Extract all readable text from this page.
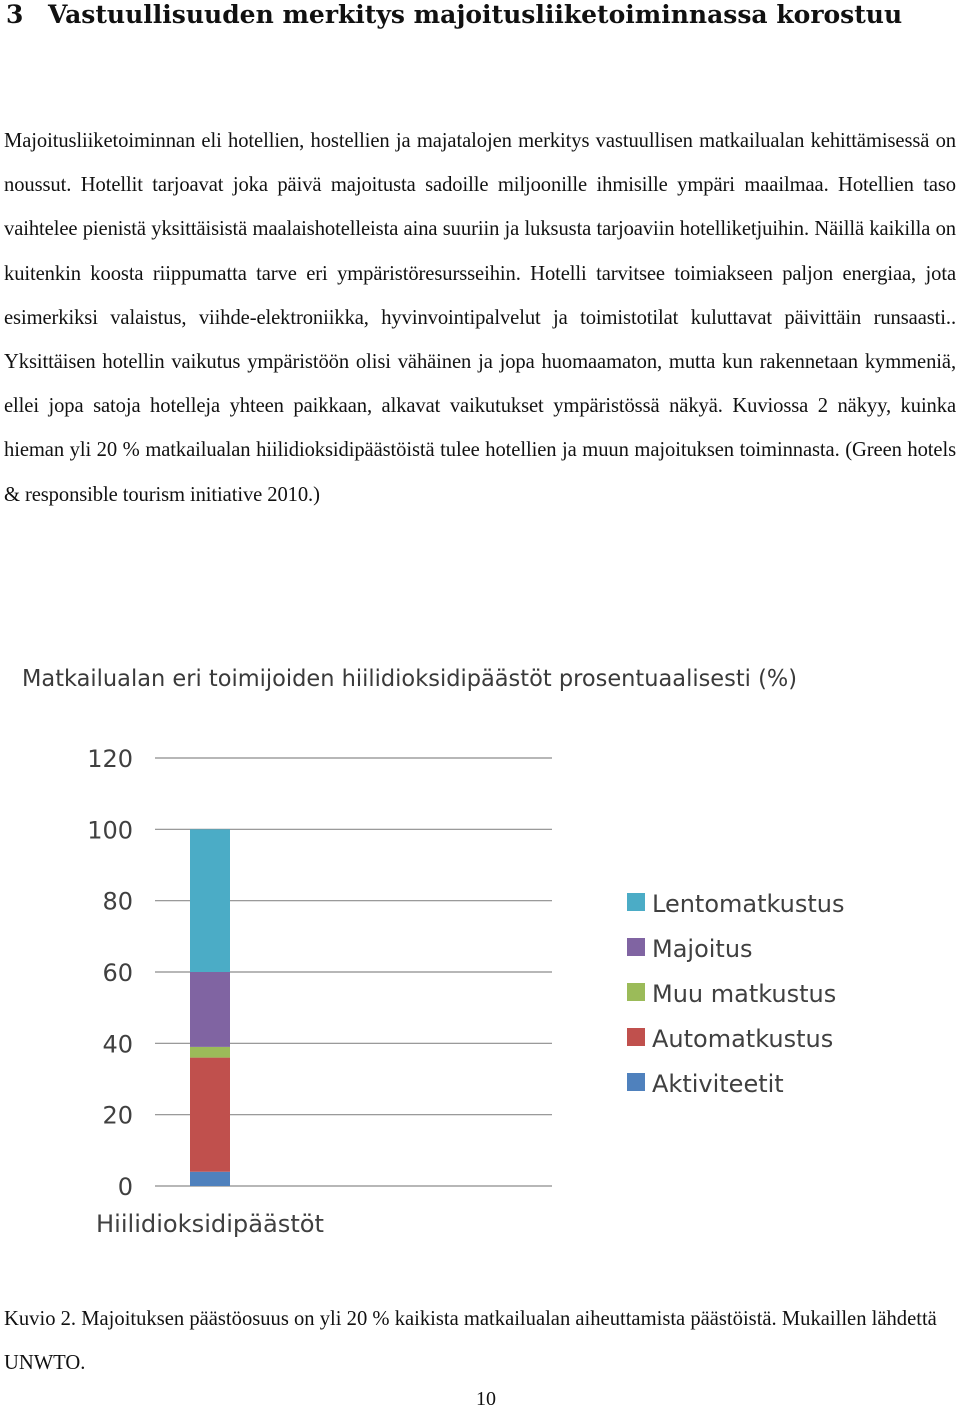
3 Vastuullisuuden merkitys majoitusliiketoiminnassa korostuu
Majoitusliiketoiminnan eli hotellien, hostellien ja majatalojen merkitys vastuullisen matkailualan kehittämisessä on noussut. Hotellit tarjoavat joka päivä majoitusta sadoille miljoonille ihmisille ympäri maailmaa. Hotellien taso vaihtelee pienistä yksittäisistä maalaishotelleista aina suuriin ja luksusta tarjoaviin hotelliketjuihin. Näillä kaikilla on kuitenkin koosta riippumatta tarve eri ympäristöresursseihin. Hotelli tarvitsee toimiakseen paljon energiaa, jota esimerkiksi valaistus, viihde-elektroniikka, hyvinvointipalvelut ja toimistotilat kuluttavat päivittäin runsaasti.. Yksittäisen hotellin vaikutus ympäristöön olisi vähäinen ja jopa huomaamaton, mutta kun rakennetaan kymmeniä, ellei jopa satoja hotelleja yhteen paikkaan, alkavat vaikutukset ympäristössä näkyä. Kuviossa 2 näkyy, kuinka hieman yli 20 % matkailualan hiilidioksidipäästöistä tulee hotellien ja muun majoituksen toiminnasta. (Green hotels & responsible tourism initiative 2010.)
Matkailualan eri toimijoiden hiilidioksidipäästöt prosentuaalisesti (%)
0
20
40
60
80
100
120
Hiilidioksidipäästöt
Lentomatkustus
Majoitus
Muu matkustus
Automatkustus
Aktiviteetit
Kuvio 2. Majoituksen päästöosuus on yli 20 % kaikista matkailualan aiheuttamista päästöistä. Mukaillen lähdettä UNWTO.
10
